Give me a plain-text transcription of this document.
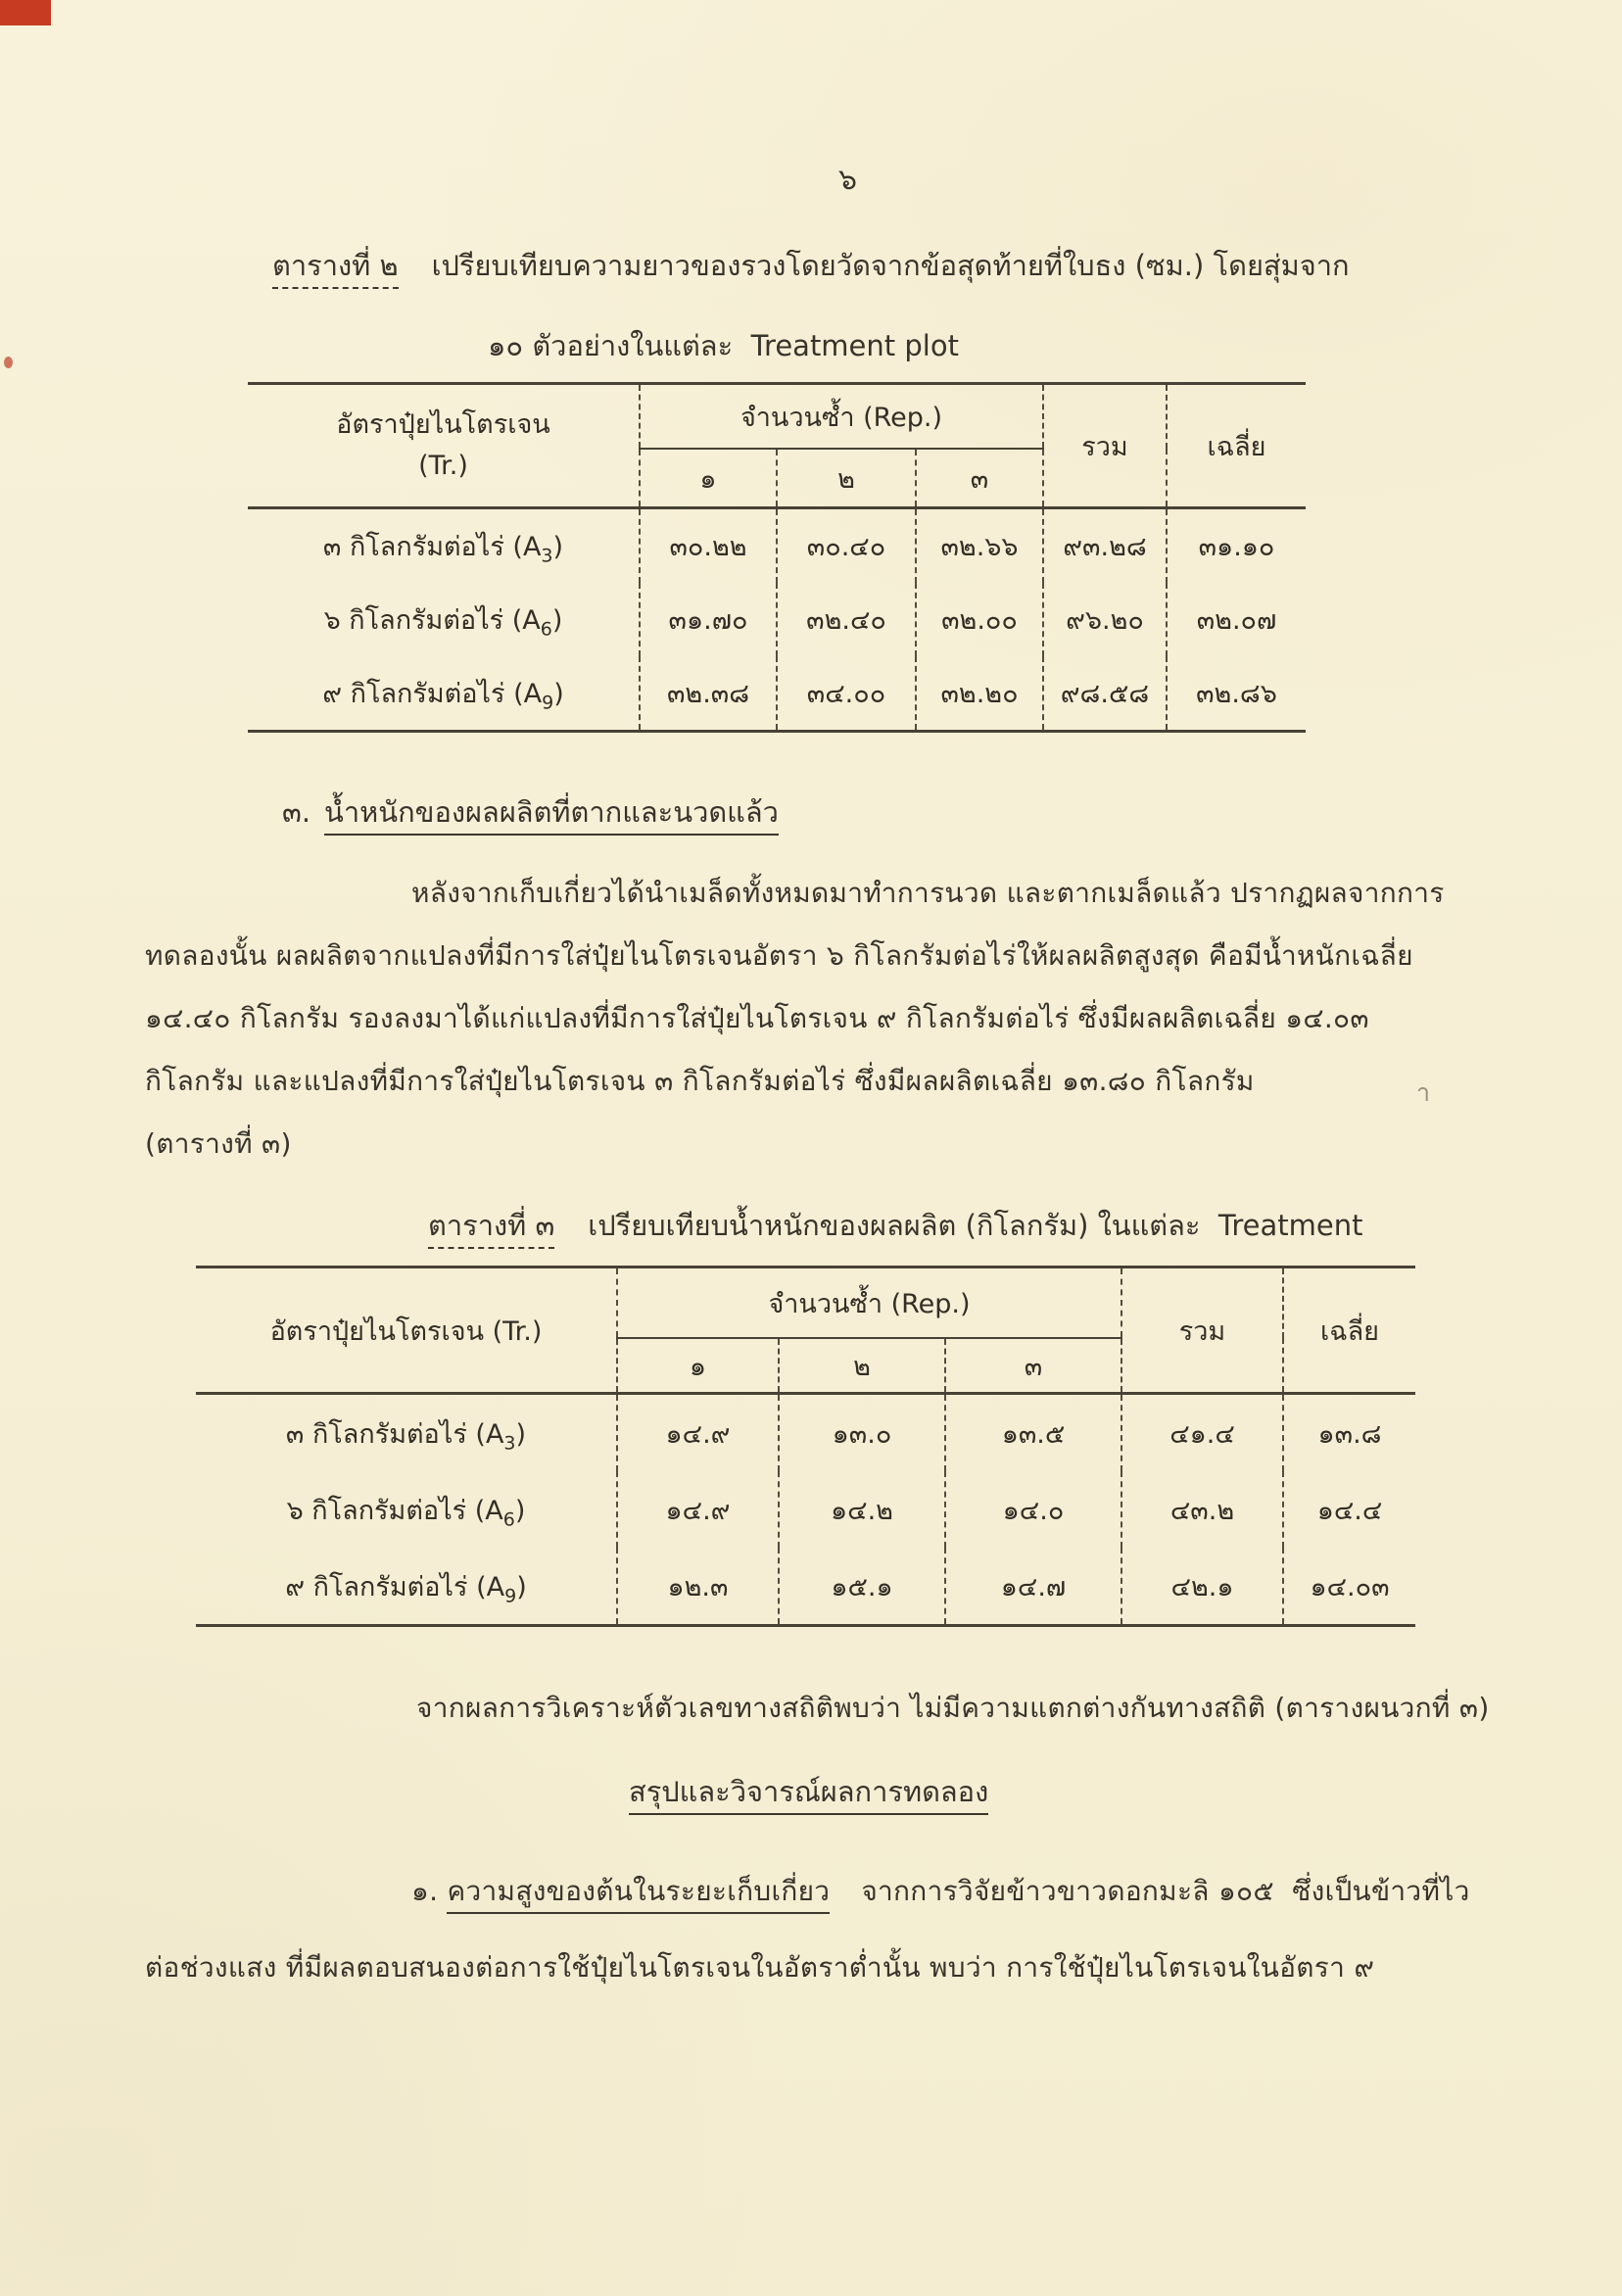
๖
ตารางที่ ๒ เปรียบเทียบความยาวของรวงโดยวัดจากข้อสุดท้ายที่ใบธง (ซม.) โดยสุ่มจาก
๑๐ ตัวอย่างในแต่ละ  Treatment plot
อัตราปุ๋ยไนโตรเจน
(Tr.)	จำนวนซ้ำ (Rep.)			รวม	เฉลี่ย
	๑	๒	๓		
๓ กิโลกรัมต่อไร่ $(A_3)$	๓๐.๒๒	๓๐.๔๐	๓๒.๖๖	๙๓.๒๘	๓๑.๑๐
๖ กิโลกรัมต่อไร่ $(A_6)$	๓๑.๗๐	๓๒.๔๐	๓๒.๐๐	๙๖.๒๐	๓๒.๐๗
๙ กิโลกรัมต่อไร่ $(A_9)$	๓๒.๓๘	๓๔.๐๐	๓๒.๒๐	๙๘.๕๘	๓๒.๘๖
๓. น้ำหนักของผลผลิตที่ตากและนวดแล้ว
หลังจากเก็บเกี่ยวได้นำเมล็ดทั้งหมดมาทำการนวด และตากเมล็ดแล้ว ปรากฏผลจากการ
ทดลองนั้น ผลผลิตจากแปลงที่มีการใส่ปุ๋ยไนโตรเจนอัตรา ๖ กิโลกรัมต่อไร่ให้ผลผลิตสูงสุด คือมีน้ำหนักเฉลี่ย
๑๔.๔๐ กิโลกรัม รองลงมาได้แก่แปลงที่มีการใส่ปุ๋ยไนโตรเจน ๙ กิโลกรัมต่อไร่ ซึ่งมีผลผลิตเฉลี่ย ๑๔.๐๓
กิโลกรัม และแปลงที่มีการใส่ปุ๋ยไนโตรเจน ๓ กิโลกรัมต่อไร่ ซึ่งมีผลผลิตเฉลี่ย ๑๓.๘๐ กิโลกรัม
(ตารางที่ ๓)
า
ตารางที่ ๓ เปรียบเทียบน้ำหนักของผลผลิต (กิโลกรัม) ในแต่ละ  Treatment
อัตราปุ๋ยไนโตรเจน (Tr.)	จำนวนซ้ำ (Rep.)			รวม	เฉลี่ย
	๑	๒	๓		
๓ กิโลกรัมต่อไร่ $(A_3)$	๑๔.๙	๑๓.๐	๑๓.๕	๔๑.๔	๑๓.๘
๖ กิโลกรัมต่อไร่ $(A_6)$	๑๔.๙	๑๔.๒	๑๔.๐	๔๓.๒	๑๔.๔
๙ กิโลกรัมต่อไร่ $(A_9)$	๑๒.๓	๑๕.๑	๑๔.๗	๔๒.๑	๑๔.๐๓
จากผลการวิเคราะห์ตัวเลขทางสถิติพบว่า ไม่มีความแตกต่างกันทางสถิติ (ตารางผนวกที่ ๓)
สรุปและวิจารณ์ผลการทดลอง
๑. ความสูงของต้นในระยะเก็บเกี่ยว จากการวิจัยข้าวขาวดอกมะลิ ๑๐๕  ซึ่งเป็นข้าวที่ไว
ต่อช่วงแสง ที่มีผลตอบสนองต่อการใช้ปุ๋ยไนโตรเจนในอัตราต่ำนั้น พบว่า การใช้ปุ๋ยไนโตรเจนในอัตรา ๙
